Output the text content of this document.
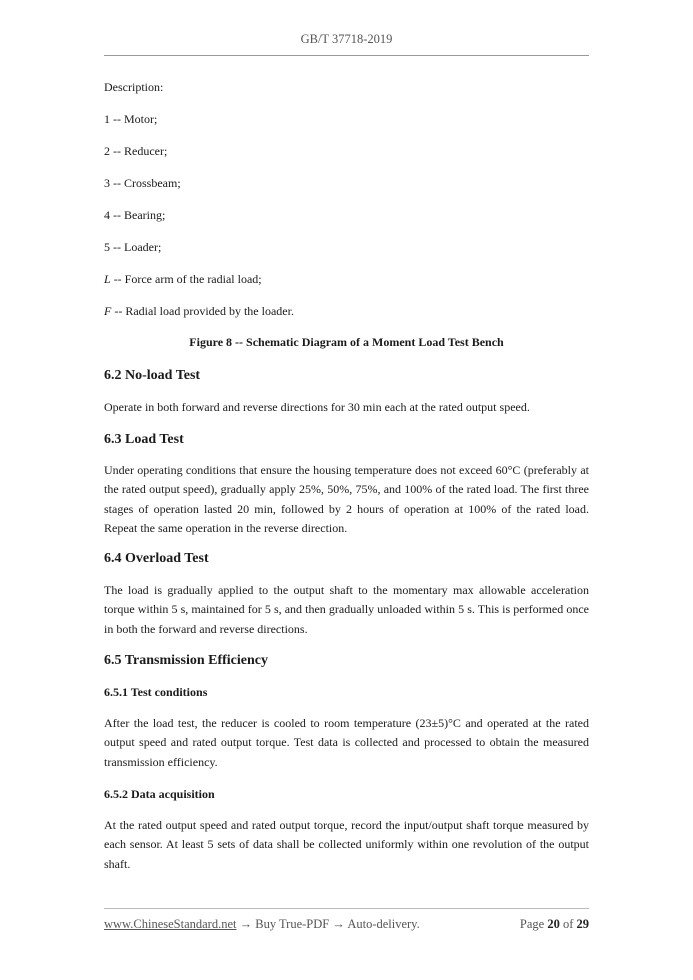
GB/T 37718-2019
Description:
1 -- Motor;
2 -- Reducer;
3 -- Crossbeam;
4 -- Bearing;
5 -- Loader;
L -- Force arm of the radial load;
F -- Radial load provided by the loader.
Figure 8 -- Schematic Diagram of a Moment Load Test Bench
6.2 No-load Test
Operate in both forward and reverse directions for 30 min each at the rated output speed.
6.3 Load Test
Under operating conditions that ensure the housing temperature does not exceed 60°C (preferably at the rated output speed), gradually apply 25%, 50%, 75%, and 100% of the rated load. The first three stages of operation lasted 20 min, followed by 2 hours of operation at 100% of the rated load. Repeat the same operation in the reverse direction.
6.4 Overload Test
The load is gradually applied to the output shaft to the momentary max allowable acceleration torque within 5 s, maintained for 5 s, and then gradually unloaded within 5 s. This is performed once in both the forward and reverse directions.
6.5 Transmission Efficiency
6.5.1 Test conditions
After the load test, the reducer is cooled to room temperature (23±5)°C and operated at the rated output speed and rated output torque. Test data is collected and processed to obtain the measured transmission efficiency.
6.5.2 Data acquisition
At the rated output speed and rated output torque, record the input/output shaft torque measured by each sensor. At least 5 sets of data shall be collected uniformly within one revolution of the output shaft.
www.ChineseStandard.net → Buy True-PDF → Auto-delivery.	Page 20 of 29
